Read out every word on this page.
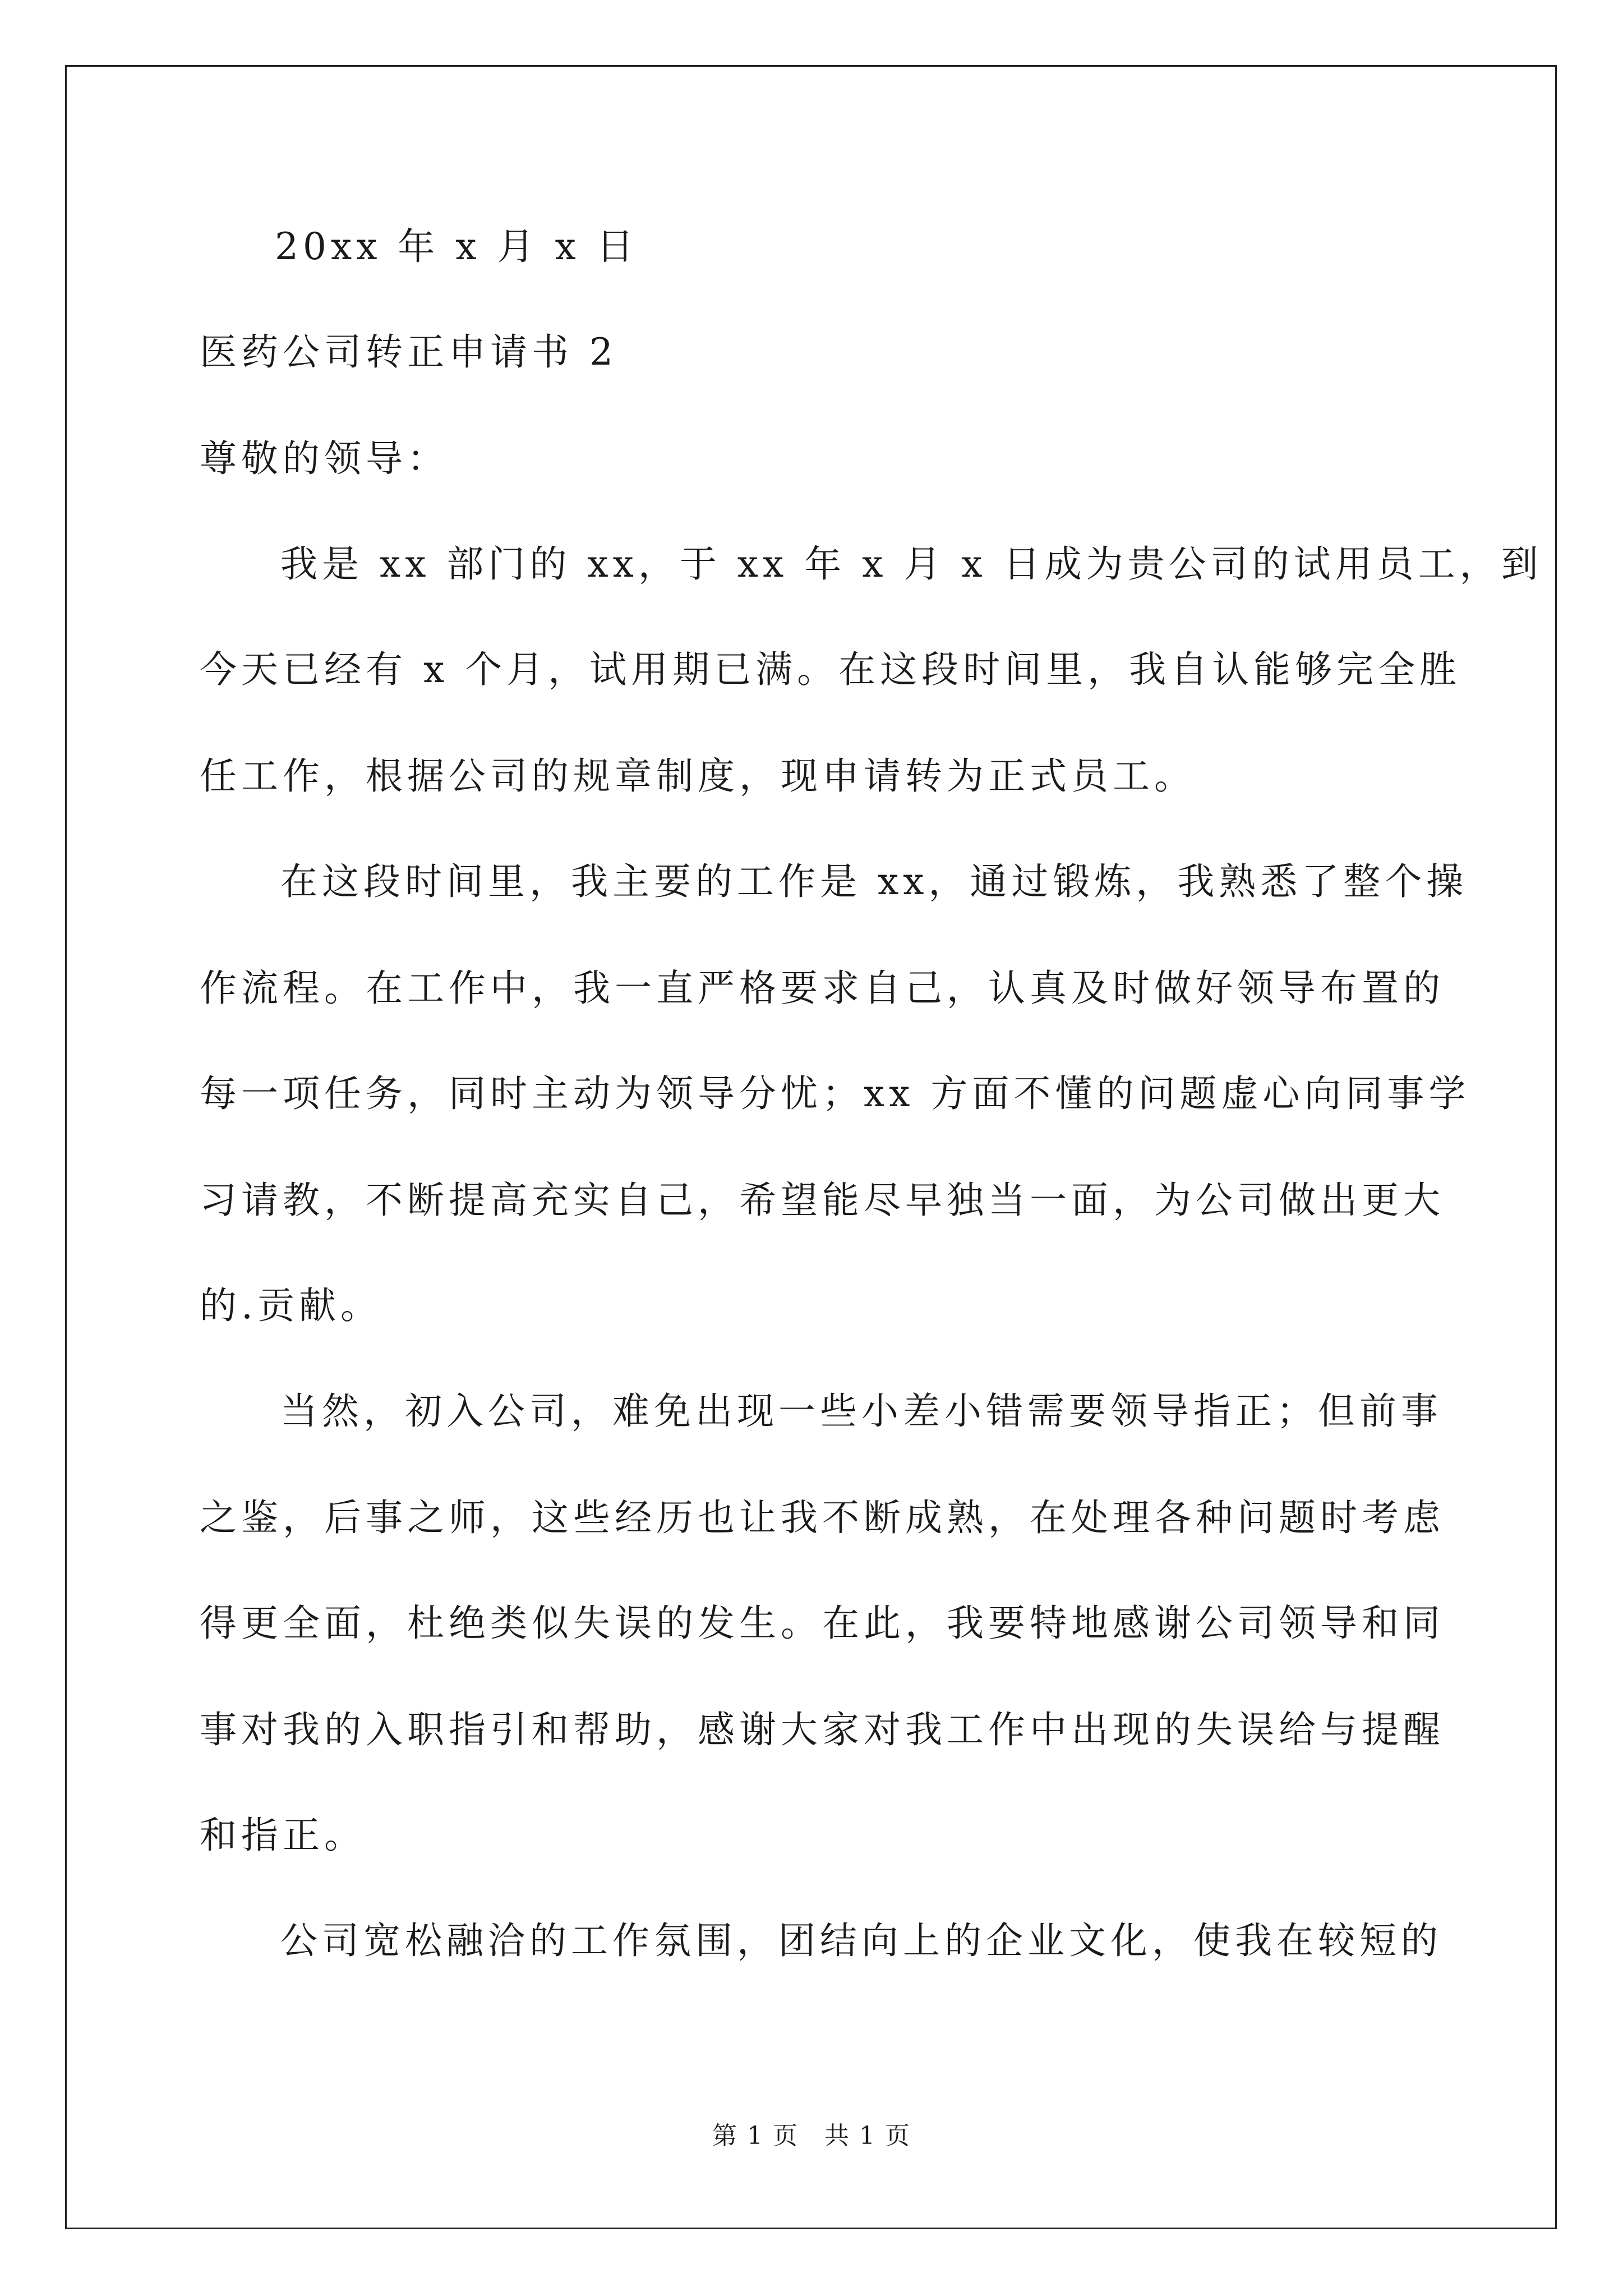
20xx 年 x 月 x 日
医药公司转正申请书 2
尊敬的领导：
我是 xx 部门的 xx，于 xx 年 x 月 x 日成为贵公司的试用员工，到
今天已经有 x 个月，试用期已满。在这段时间里，我自认能够完全胜
任工作，根据公司的规章制度，现申请转为正式员工。
在这段时间里，我主要的工作是 xx，通过锻炼，我熟悉了整个操
作流程。在工作中，我一直严格要求自己，认真及时做好领导布置的
每一项任务，同时主动为领导分忧；xx 方面不懂的问题虚心向同事学
习请教，不断提高充实自己，希望能尽早独当一面，为公司做出更大
的.贡献。
当然，初入公司，难免出现一些小差小错需要领导指正；但前事
之鉴，后事之师，这些经历也让我不断成熟，在处理各种问题时考虑
得更全面，杜绝类似失误的发生。在此，我要特地感谢公司领导和同
事对我的入职指引和帮助，感谢大家对我工作中出现的失误给与提醒
和指正。
公司宽松融洽的工作氛围，团结向上的企业文化，使我在较短的
第 1 页　共 1 页
